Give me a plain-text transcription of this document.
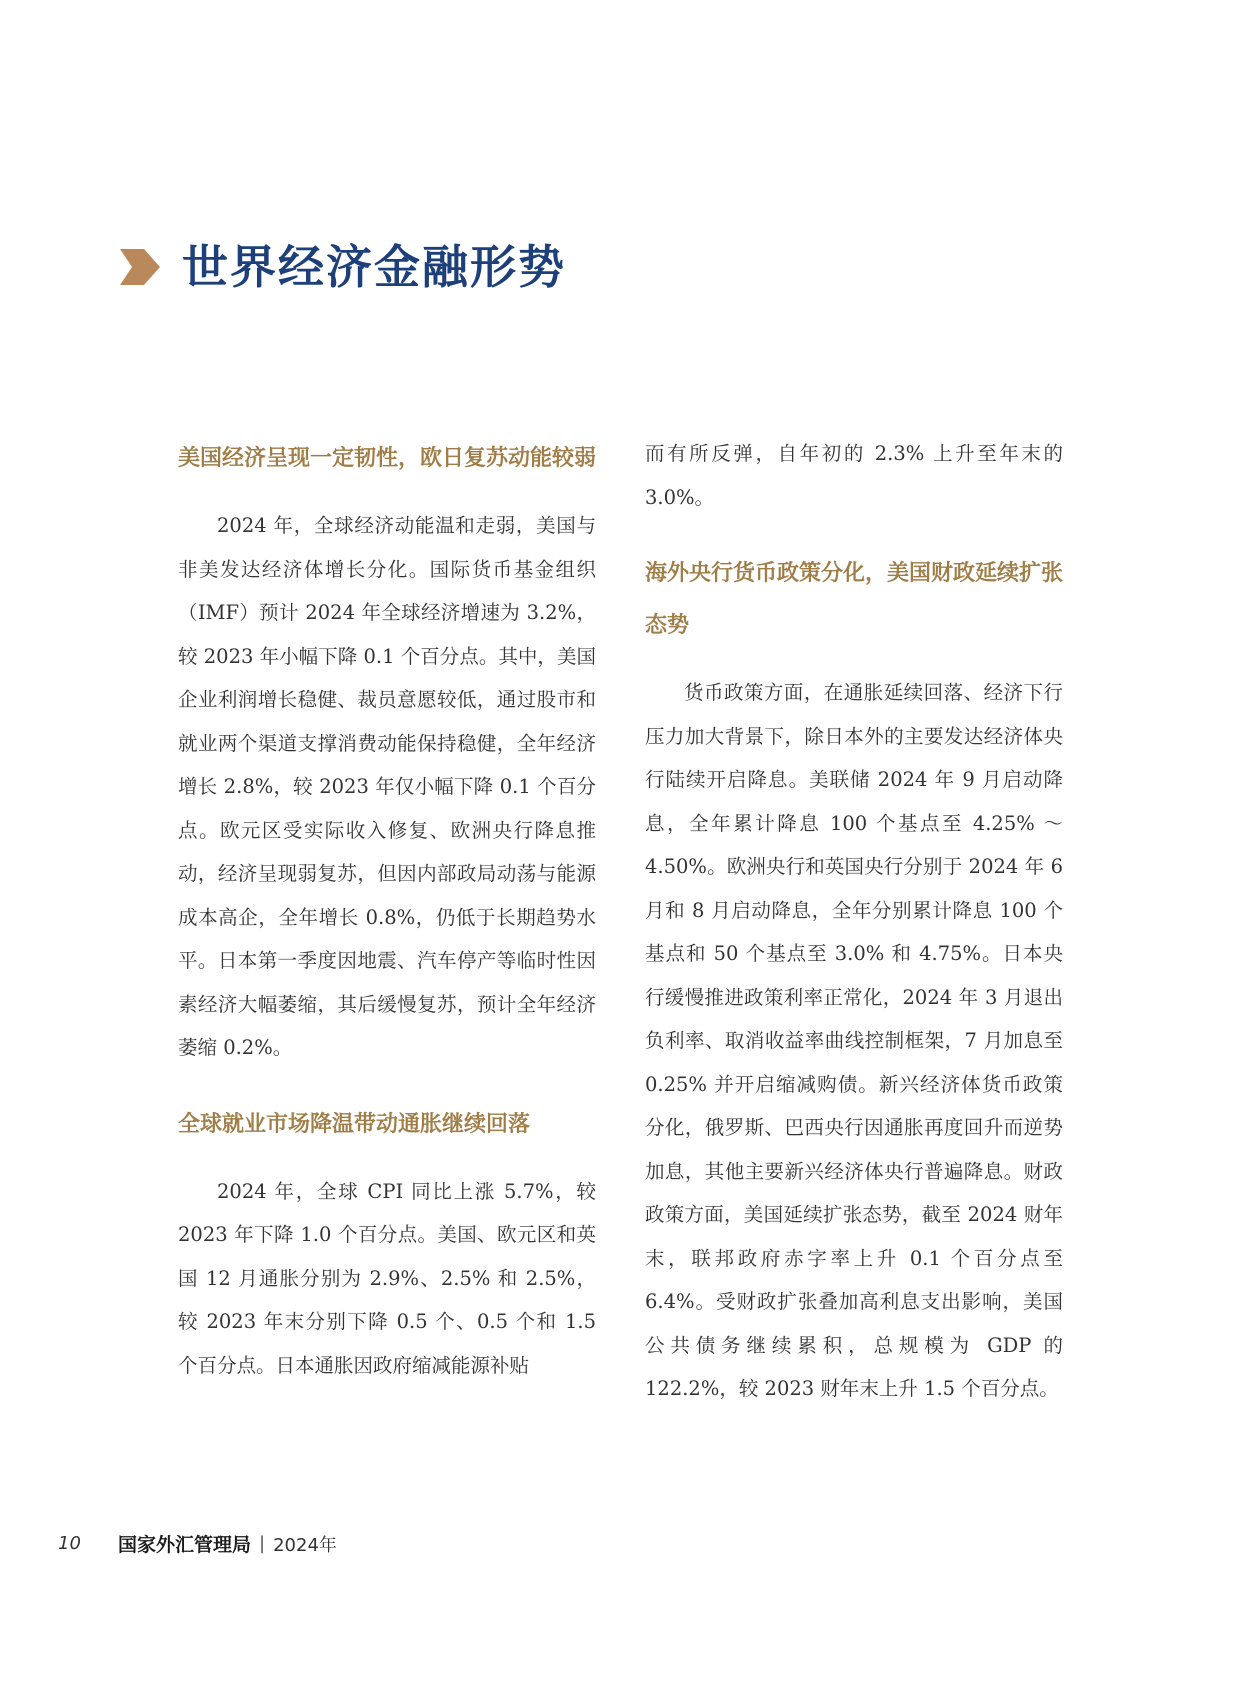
世界经济金融形势
美国经济呈现一定韧性，欧日复苏动能较弱

2024 年，全球经济动能温和走弱，美国与非美发达经济体增长分化。国际货币基金组织（IMF）预计 2024 年全球经济增速为 3.2%，较 2023 年小幅下降 0.1 个百分点。其中，美国企业利润增长稳健、裁员意愿较低，通过股市和就业两个渠道支撑消费动能保持稳健，全年经济增长 2.8%，较 2023 年仅小幅下降 0.1 个百分点。欧元区受实际收入修复、欧洲央行降息推动，经济呈现弱复苏，但因内部政局动荡与能源成本高企，全年增长 0.8%，仍低于长期趋势水平。日本第一季度因地震、汽车停产等临时性因素经济大幅萎缩，其后缓慢复苏，预计全年经济萎缩 0.2%。

全球就业市场降温带动通胀继续回落

2024 年，全球 CPI 同比上涨 5.7%，较 2023 年下降 1.0 个百分点。美国、欧元区和英国 12 月通胀分别为 2.9%、2.5% 和 2.5%，较 2023 年末分别下降 0.5 个、0.5 个和 1.5 个百分点。日本通胀因政府缩减能源补贴

而有所反弹，自年初的 2.3% 上升至年末的 3.0%。

海外央行货币政策分化，美国财政延续扩张态势

货币政策方面，在通胀延续回落、经济下行压力加大背景下，除日本外的主要发达经济体央行陆续开启降息。美联储 2024 年 9 月启动降息，全年累计降息 100 个基点至 4.25% ～ 4.50%。欧洲央行和英国央行分别于 2024 年 6 月和 8 月启动降息，全年分别累计降息 100 个基点和 50 个基点至 3.0% 和 4.75%。日本央行缓慢推进政策利率正常化，2024 年 3 月退出负利率、取消收益率曲线控制框架，7 月加息至 0.25% 并开启缩减购债。新兴经济体货币政策分化，俄罗斯、巴西央行因通胀再度回升而逆势加息，其他主要新兴经济体央行普遍降息。财政政策方面，美国延续扩张态势，截至 2024 财年末，联邦政府赤字率上升 0.1 个百分点至 6.4%。受财政扩张叠加高利息支出影响，美国公共债务继续累积，总规模为 GDP 的 122.2%，较 2023 财年末上升 1.5 个百分点。

10	国家外汇管理局 | 2024年
